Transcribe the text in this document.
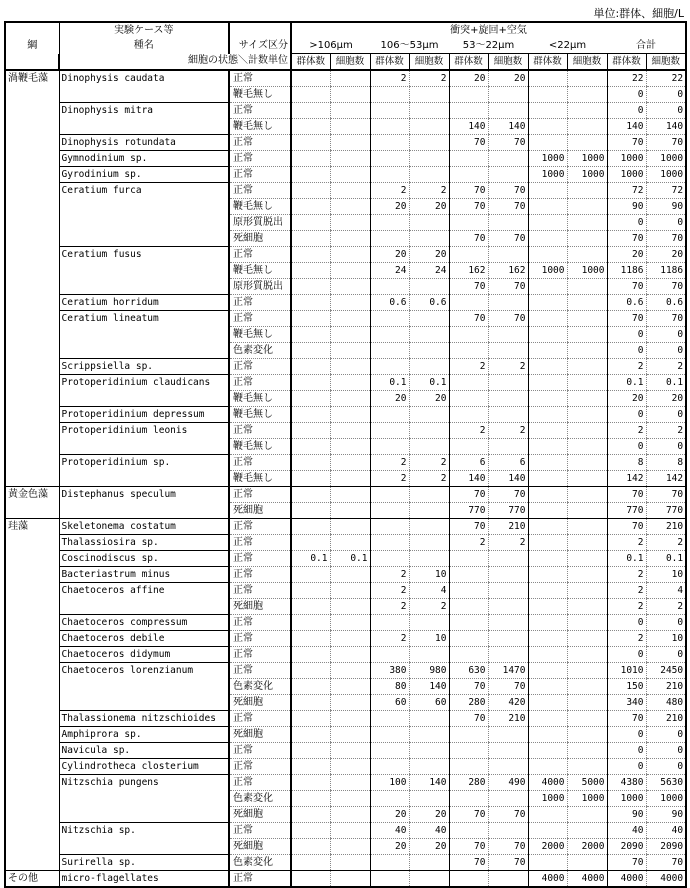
単位:群体、細胞/L
	実験ケース等		衝突+旋回+空気									
綱	種名	サイズ区分	>106μm		106～53μm		53～22μm		<22μm		合計	
	細胞の状態＼計数単位		群体数	細胞数	群体数	細胞数	群体数	細胞数	群体数	細胞数	群体数	細胞数
渦鞭毛藻	Dinophysis caudata	正常			2	2	20	20			22	22
		鞭毛無し									0	0
	Dinophysis mitra	正常									0	0
		鞭毛無し					140	140			140	140
	Dinophysis rotundata	正常					70	70			70	70
	Gymnodinium sp.	正常							1000	1000	1000	1000
	Gyrodinium sp.	正常							1000	1000	1000	1000
	Ceratium furca	正常			2	2	70	70			72	72
		鞭毛無し			20	20	70	70			90	90
		原形質脱出									0	0
		死細胞					70	70			70	70
	Ceratium fusus	正常			20	20					20	20
		鞭毛無し			24	24	162	162	1000	1000	1186	1186
		原形質脱出					70	70			70	70
	Ceratium horridum	正常			0.6	0.6					0.6	0.6
	Ceratium lineatum	正常					70	70			70	70
		鞭毛無し									0	0
		色素変化									0	0
	Scrippsiella sp.	正常					2	2			2	2
	Protoperidinium claudicans	正常			0.1	0.1					0.1	0.1
		鞭毛無し			20	20					20	20
	Protoperidinium depressum	鞭毛無し									0	0
	Protoperidinium leonis	正常					2	2			2	2
		鞭毛無し									0	0
	Protoperidinium sp.	正常			2	2	6	6			8	8
		鞭毛無し			2	2	140	140			142	142
黄金色藻	Distephanus speculum	正常					70	70			70	70
		死細胞					770	770			770	770
珪藻	Skeletonema costatum	正常					70	210			70	210
	Thalassiosira sp.	正常					2	2			2	2
	Coscinodiscus sp.	正常	0.1	0.1							0.1	0.1
	Bacteriastrum minus	正常			2	10					2	10
	Chaetoceros affine	正常			2	4					2	4
		死細胞			2	2					2	2
	Chaetoceros compressum	正常									0	0
	Chaetoceros debile	正常			2	10					2	10
	Chaetoceros didymum	正常									0	0
	Chaetoceros lorenzianum	正常			380	980	630	1470			1010	2450
		色素変化			80	140	70	70			150	210
		死細胞			60	60	280	420			340	480
	Thalassionema nitzschioides	正常					70	210			70	210
	Amphiprora sp.	死細胞									0	0
	Navicula sp.	正常									0	0
	Cylindrotheca closterium	正常									0	0
	Nitzschia pungens	正常			100	140	280	490	4000	5000	4380	5630
		色素変化							1000	1000	1000	1000
		死細胞			20	20	70	70			90	90
	Nitzschia sp.	正常			40	40					40	40
		死細胞			20	20	70	70	2000	2000	2090	2090
	Surirella sp.	色素変化					70	70			70	70
その他	micro-flagellates	正常							4000	4000	4000	4000
